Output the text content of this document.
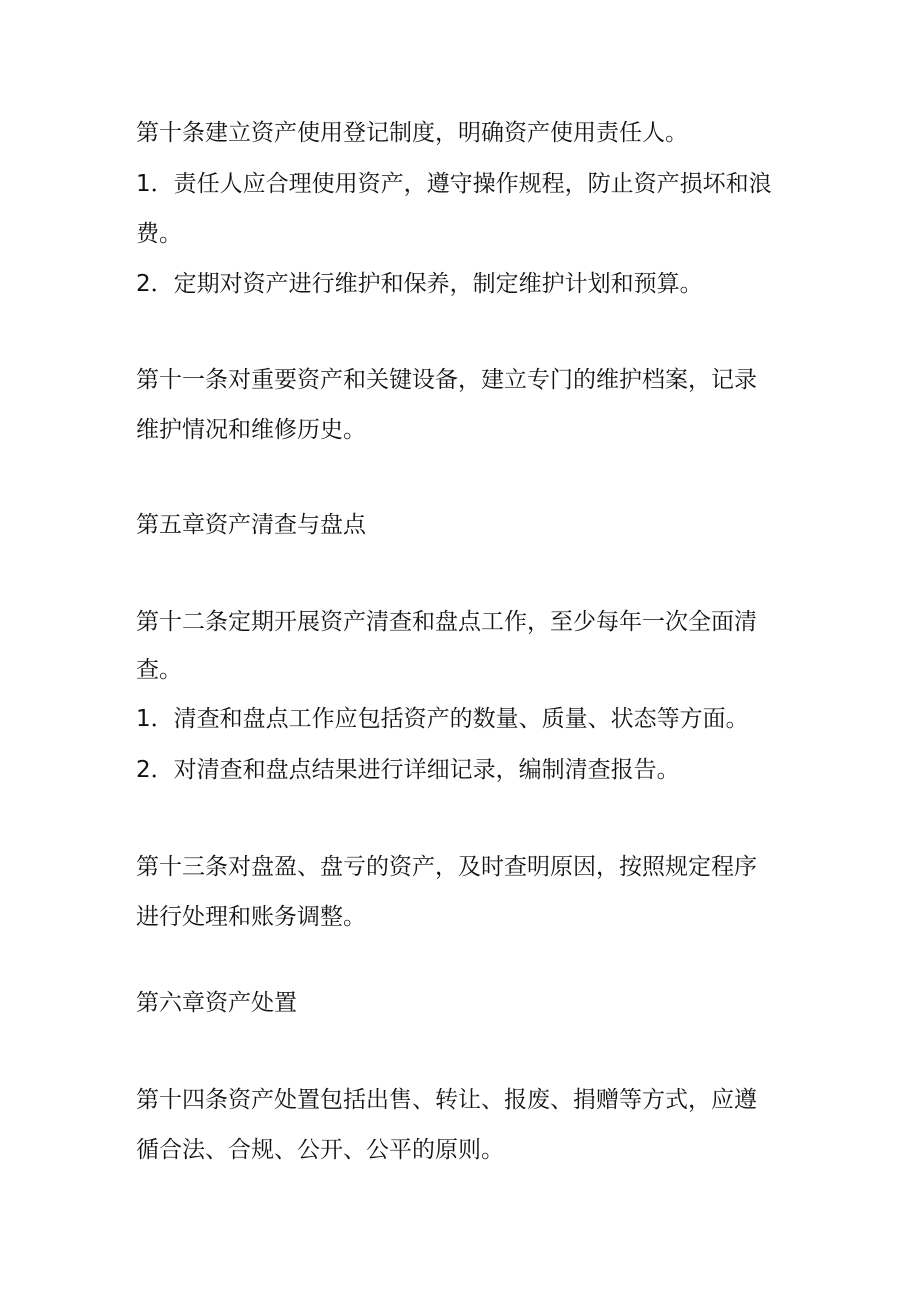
第十条建立资产使用登记制度，明确资产使用责任人。

1．责任人应合理使用资产，遵守操作规程，防止资产损坏和浪

费。

2．定期对资产进行维护和保养，制定维护计划和预算。

第十一条对重要资产和关键设备，建立专门的维护档案，记录

维护情况和维修历史。

第五章资产清查与盘点

第十二条定期开展资产清查和盘点工作，至少每年一次全面清

查。

1．清查和盘点工作应包括资产的数量、质量、状态等方面。

2．对清查和盘点结果进行详细记录，编制清查报告。

第十三条对盘盈、盘亏的资产，及时查明原因，按照规定程序

进行处理和账务调整。

第六章资产处置

第十四条资产处置包括出售、转让、报废、捐赠等方式，应遵

循合法、合规、公开、公平的原则。
